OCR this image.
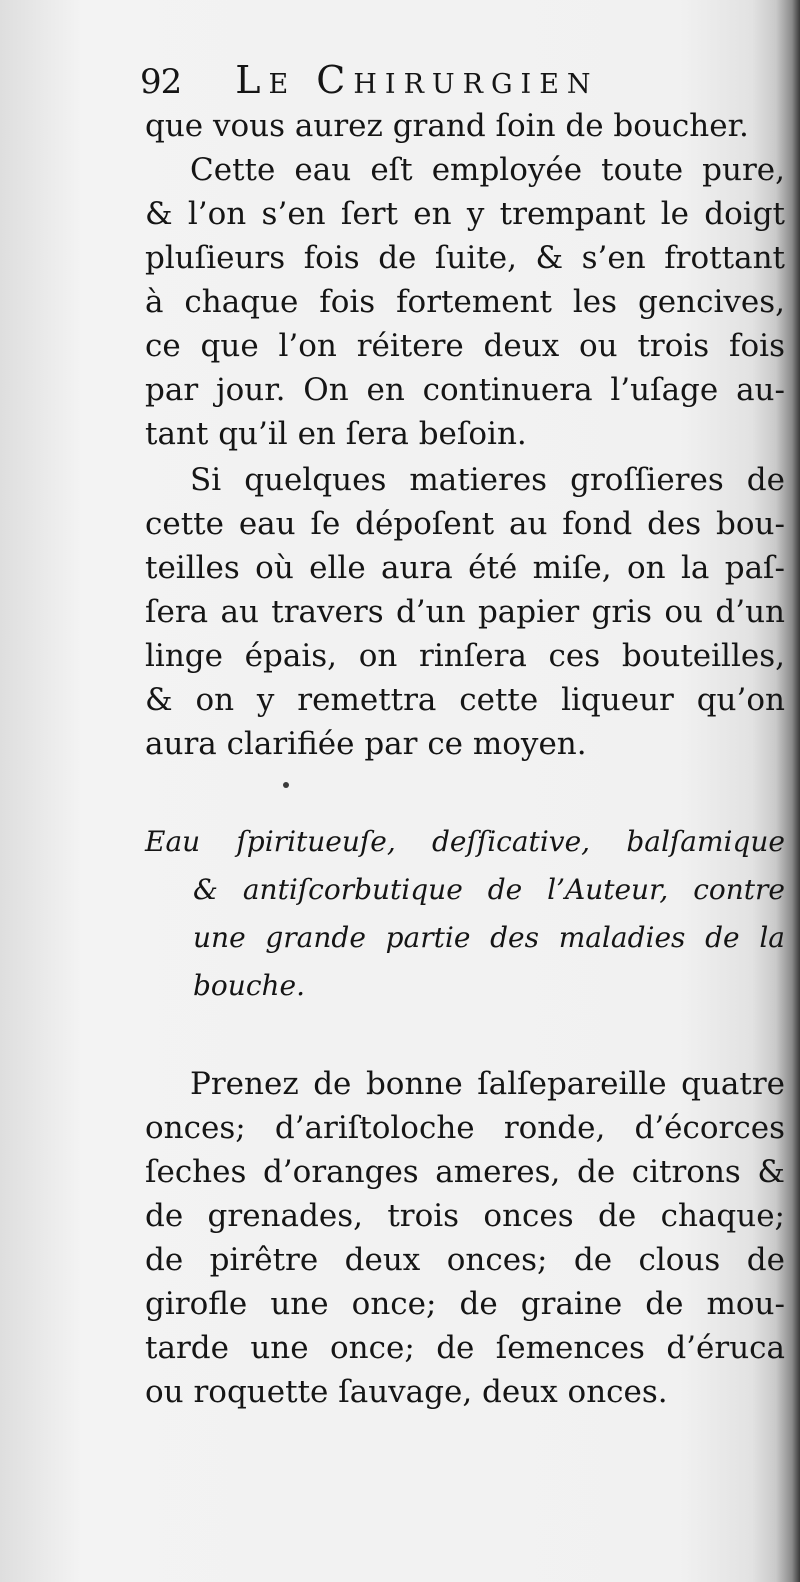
92 Le Chirurgien
que vous aurez grand ſoin de boucher.
Cette eau eſt employée toute pure,
& l’on s’en ſert en y trempant le doigt
pluſieurs fois de ſuite, & s’en frottant
à chaque fois fortement les gencives,
ce que l’on réitere deux ou trois fois
par jour. On en continuera l’uſage au-
tant qu’il en ſera beſoin.
Si quelques matieres groſſieres de
cette eau ſe dépoſent au fond des bou-
teilles où elle aura été miſe, on la paſ-
ſera au travers d’un papier gris ou d’un
linge épais, on rinſera ces bouteilles,
& on y remettra cette liqueur qu’on
aura clarifiée par ce moyen.
Eau ſpiritueuſe, deſſicative, balſamique
& antiſcorbutique de l’Auteur, contre
une grande partie des maladies de la
bouche.
Prenez de bonne ſalſepareille quatre
onces; d’ariſtoloche ronde, d’écorces
ſeches d’oranges ameres, de citrons &
de grenades, trois onces de chaque;
de pirêtre deux onces; de clous de
girofle une once; de graine de mou-
tarde une once; de ſemences d’éruca
ou roquette ſauvage, deux onces.
